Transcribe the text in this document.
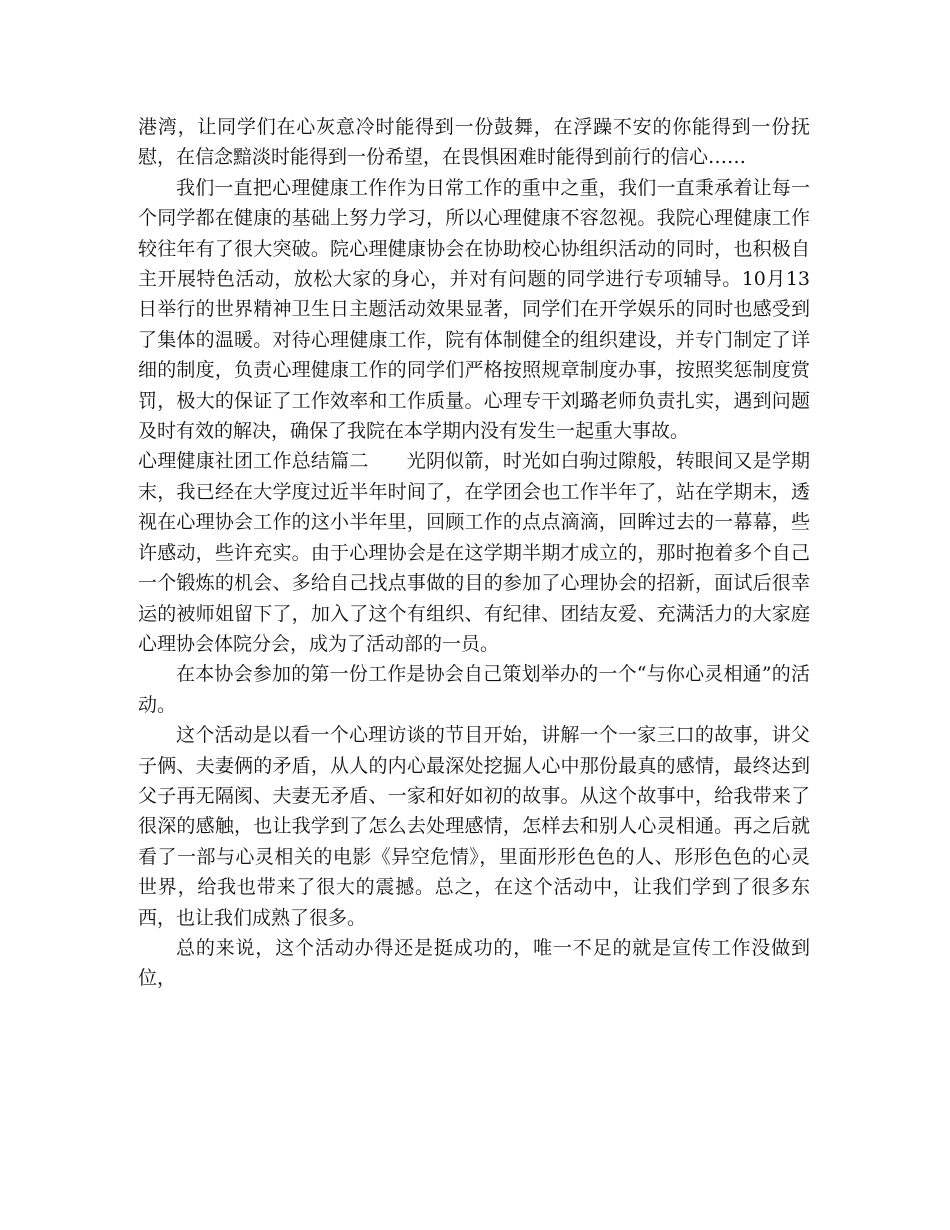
港湾，让同学们在心灰意冷时能得到一份鼓舞，在浮躁不安的你能得到一份抚慰，在信念黯淡时能得到一份希望，在畏惧困难时能得到前行的信心……

我们一直把心理健康工作作为日常工作的重中之重，我们一直秉承着让每一个同学都在健康的基础上努力学习，所以心理健康不容忽视。我院心理健康工作较往年有了很大突破。院心理健康协会在协助校心协组织活动的同时，也积极自主开展特色活动，放松大家的身心，并对有问题的同学进行专项辅导。10月13日举行的世界精神卫生日主题活动效果显著，同学们在开学娱乐的同时也感受到了集体的温暖。对待心理健康工作，院有体制健全的组织建设，并专门制定了详细的制度，负责心理健康工作的同学们严格按照规章制度办事，按照奖惩制度赏罚，极大的保证了工作效率和工作质量。心理专干刘璐老师负责扎实，遇到问题及时有效的解决，确保了我院在本学期内没有发生一起重大事故。

心理健康社团工作总结篇二 光阴似箭，时光如白驹过隙般，转眼间又是学期末，我已经在大学度过近半年时间了，在学团会也工作半年了，站在学期末，透视在心理协会工作的这小半年里，回顾工作的点点滴滴，回眸过去的一幕幕，些许感动，些许充实。由于心理协会是在这学期半期才成立的，那时抱着多个自己一个锻炼的机会、多给自己找点事做的目的参加了心理协会的招新，面试后很幸运的被师姐留下了，加入了这个有组织、有纪律、团结友爱、充满活力的大家庭心理协会体院分会，成为了活动部的一员。

在本协会参加的第一份工作是协会自己策划举办的一个“与你心灵相通”的活动。

这个活动是以看一个心理访谈的节目开始，讲解一个一家三口的故事，讲父子俩、夫妻俩的矛盾，从人的内心最深处挖掘人心中那份最真的感情，最终达到父子再无隔阂、夫妻无矛盾、一家和好如初的故事。从这个故事中，给我带来了很深的感触，也让我学到了怎么去处理感情，怎样去和别人心灵相通。再之后就看了一部与心灵相关的电影《异空危情》，里面形形色色的人、形形色色的心灵世界，给我也带来了很大的震撼。总之，在这个活动中，让我们学到了很多东西，也让我们成熟了很多。

总的来说，这个活动办得还是挺成功的，唯一不足的就是宣传工作没做到位，
